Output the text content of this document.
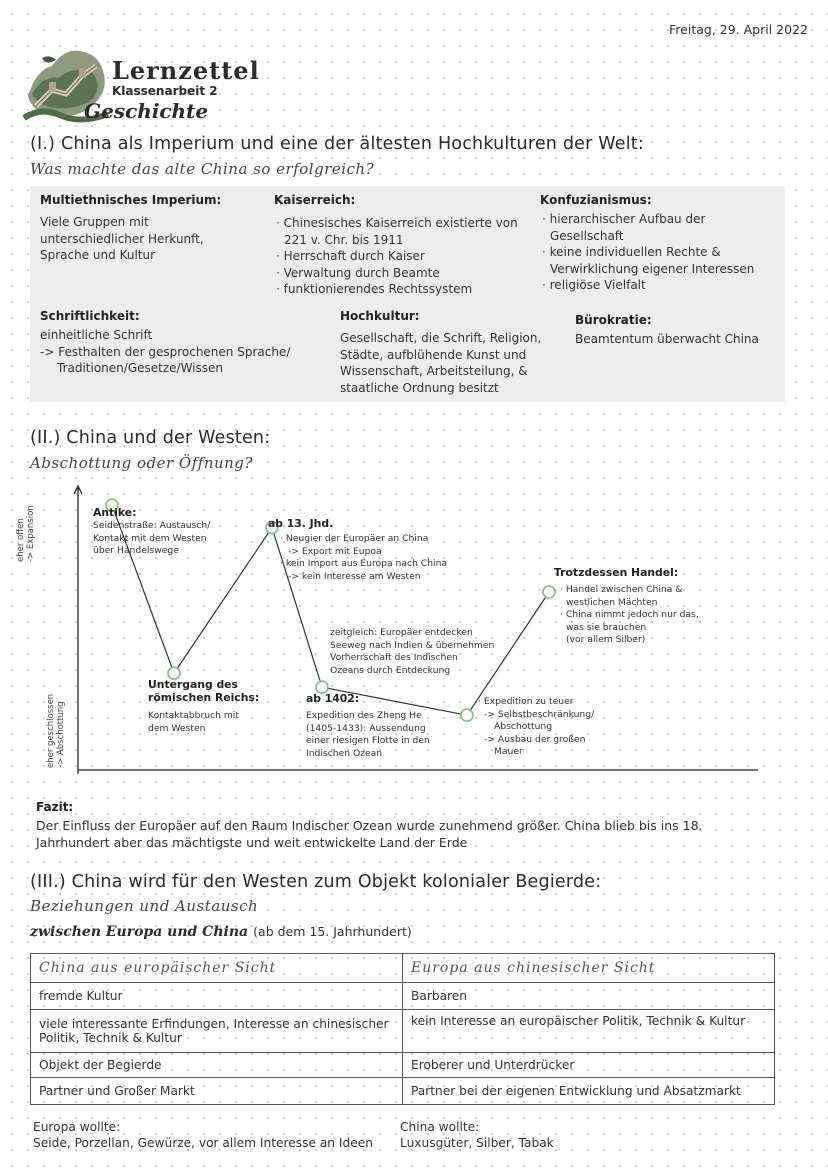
Freitag, 29. April 2022
Lernzettel
Klassenarbeit 2
Geschichte
(I.) China als Imperium und eine der ältesten Hochkulturen der Welt:
Was machte das alte China so erfolgreich?
Multiethnisches Imperium:
Viele Gruppen mit unterschiedlicher Herkunft, Sprache und Kultur
Kaiserreich:

· Chinesisches Kaiserreich existierte von 221 v. Chr. bis 1911

· Herrschaft durch Kaiser

· Verwaltung durch Beamte

· funktionierendes Rechtssystem

Konfuzianismus:

· hierarchischer Aufbau der Gesellschaft

· keine individuellen Rechte & Verwirklichung eigener Interessen

· religiöse Vielfalt

Schriftlichkeit:

einheitliche Schrift

-> Festhalten der gesprochenen Sprache/ Traditionen/Gesetze/Wissen

Hochkultur:
Gesellschaft, die Schrift, Religion, Städte, aufblühende Kunst und Wissenschaft, Arbeitsteilung, & staatliche Ordnung besitzt
Bürokratie:
Beamtentum überwacht China
(II.) China und der Westen:
Abschottung oder Öffnung?
eher offen -> Expansion
eher geschlossen -> Abschottung
Antike:

Seidenstraße: Austausch/

Kontakt mit dem Westen

über Handelswege

Untergang des römischen Reichs:

Kontaktabbruch mit

dem Westen

ab 13. Jhd.

· Neugier der Europäer an China

-> Export mit Eupoa

· kein Import aus Europa nach China

-> kein Interesse am Westen

zeitgleich: Europäer entdecken

Seeweg nach Indien & übernehmen

Vorherrschaft des Indischen

Ozeans durch Entdeckung

ab 1402:

Expedition des Zheng He

(1405-1433): Aussendung

einer riesigen Flotte in den

Indischen Ozean

· Expedition zu teuer

-> Selbstbeschränkung/

Abschottung

-> Ausbau der großen

Mauer

Trotzdessen Handel:

· Handel zwischen China &

westlichen Mächten

· China nimmt jedoch nur das,

was sie brauchen

(vor allem Silber)

Fazit:
Der Einfluss der Europäer auf den Raum Indischer Ozean wurde zunehmend größer. China blieb bis ins 18. Jahrhundert aber das mächtigste und weit entwickelte Land der Erde
(III.) China wird für den Westen zum Objekt kolonialer Begierde:
Beziehungen und Austausch
zwischen Europa und China (ab dem 15. Jahrhundert)
China aus europäischer Sicht	Europa aus chinesischer Sicht
fremde Kultur	Barbaren
viele interessante Erfindungen, Interesse an chinesischer Politik, Technik & Kultur	kein Interesse an europäischer Politik, Technik & Kultur
Objekt der Begierde	Eroberer und Unterdrücker
Partner und Großer Markt	Partner bei der eigenen Entwicklung und Absatzmarkt

Europa wollte:

Seide, Porzellan, Gewürze, vor allem Interesse an Ideen

China wollte:

Luxusgüter, Silber, Tabak
